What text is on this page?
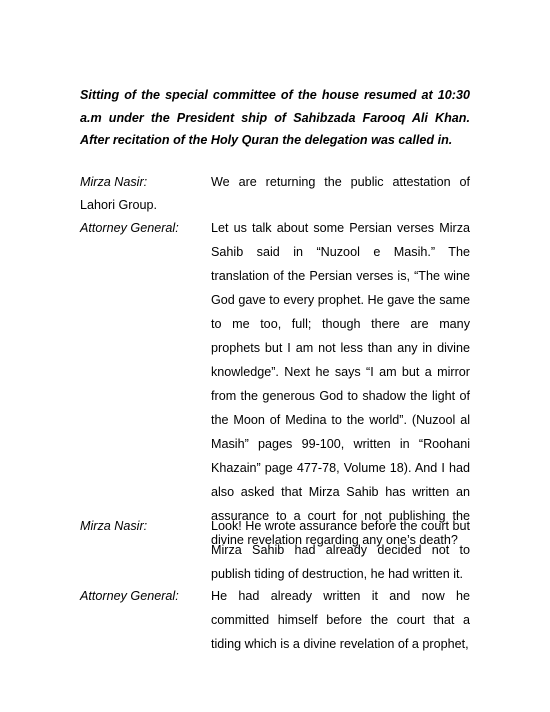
Sitting of the special committee of the house resumed at 10:30
a.m under the President ship of Sahibzada Farooq Ali Khan.
After recitation of the Holy Quran the delegation was called in.
Mirza Nasir:	We are returning the public attestation of
Lahori Group.
Attorney General:	Let us talk about some Persian verses Mirza
Sahib said in “Nuzool e Masih.” The
translation of the Persian verses is, “The wine
God gave to every prophet. He gave the same
to me too, full; though there are many
prophets but I am not less than any in divine
knowledge”. Next he says “I am but a mirror
from the generous God to shadow the light of
the Moon of Medina to the world”. (Nuzool al
Masih” pages 99-100, written in “Roohani
Khazain” page 477-78, Volume 18). And I had
also asked that Mirza Sahib has written an
assurance to a court for not publishing the
divine revelation regarding any one’s death?
Mirza Nasir:	Look! He wrote assurance before the court but
Mirza Sahib had already decided not to
publish tiding of destruction, he had written it.
Attorney General:	He had already written it and now he
committed himself before the court that a
tiding which is a divine revelation of a prophet,
